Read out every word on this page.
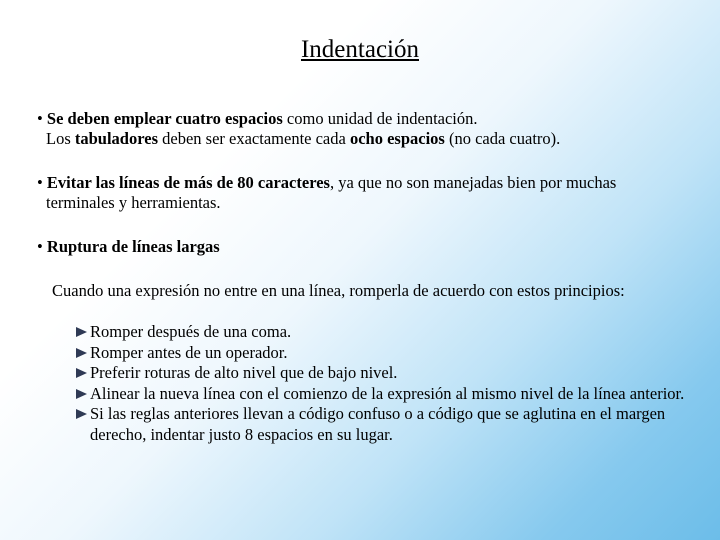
Indentación
• Se deben emplear cuatro espacios como unidad de indentación.
Los tabuladores deben ser exactamente cada ocho espacios (no cada cuatro).
• Evitar las líneas de más de 80 caracteres, ya que no son manejadas bien por muchas
terminales y herramientas.
• Ruptura de líneas largas
Cuando una expresión no entre en una línea, romperla de acuerdo con estos principios:
Romper después de una coma.
Romper antes de un operador.
Preferir roturas de alto nivel que de bajo nivel.
Alinear la nueva línea con el comienzo de la expresión al mismo nivel de la línea anterior.
Si las reglas anteriores llevan a código confuso o a código que se aglutina en el margen derecho, indentar justo 8 espacios en su lugar.
